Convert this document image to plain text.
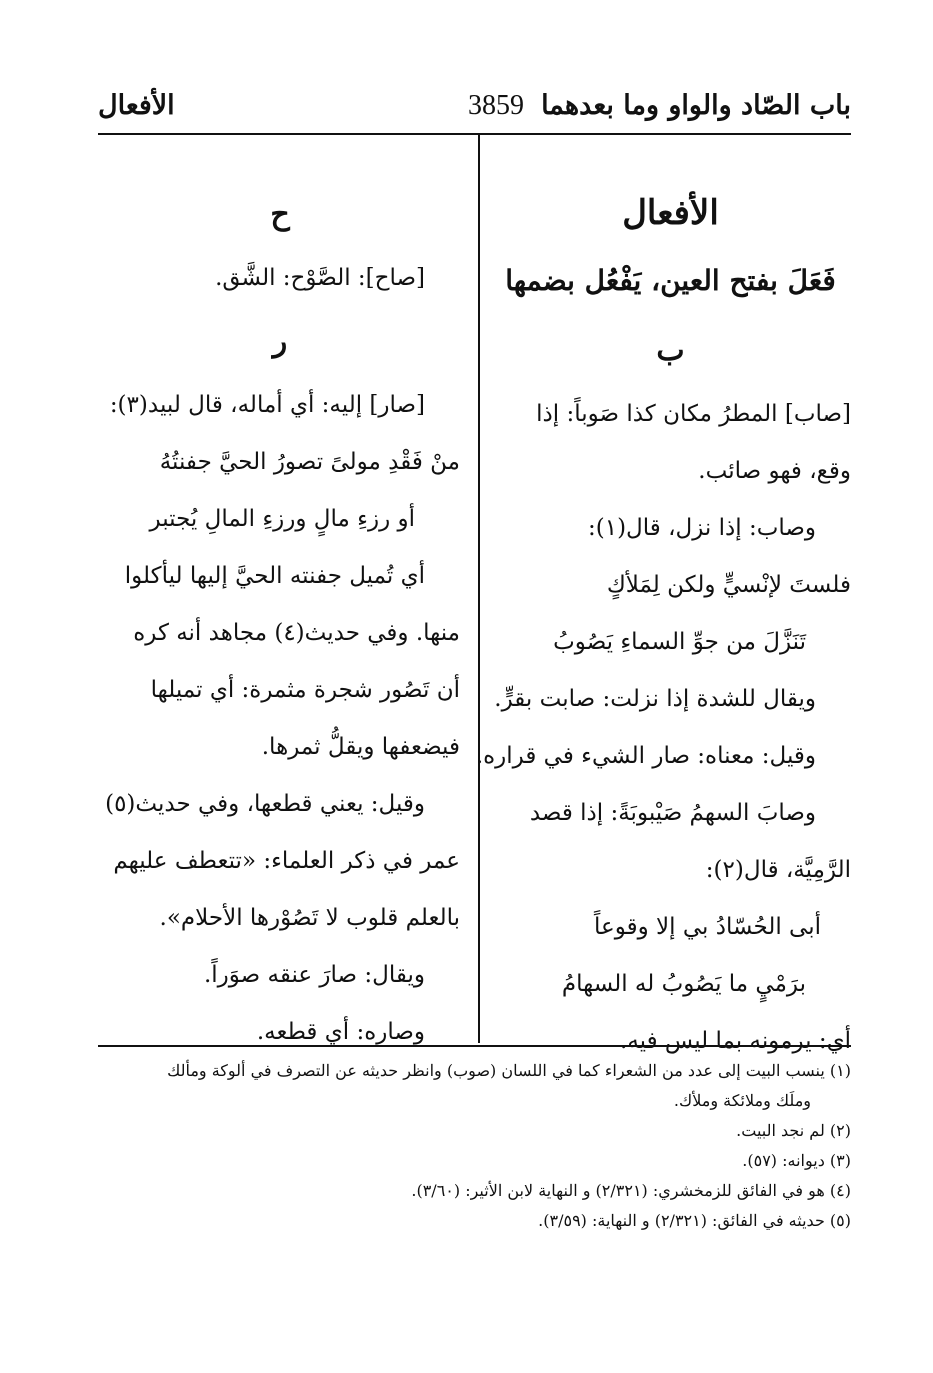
باب الصّاد والواو وما بعدهما
3859
الأفعال
الأفعال
فَعَلَ بفتح العين، يَفْعُل بضمها
ب
[صاب] المطرُ مكان كذا صَوباً: إذا
وقع، فهو صائب.
وصاب: إذا نزل، قال(١):
فلستَ لإنْسيٍّ ولكن لِمَلأكٍ
تَنَزَّلَ من جوِّ السماءِ يَصُوبُ
ويقال للشدة إذا نزلت: صابت بقرٍّ.
وقيل: معناه: صار الشيء في قراره.
وصابَ السهمُ صَيْبوبَةً: إذا قصد
الرَّمِيَّة، قال(٢):
أبى الحُسّادُ بي إلا وقوعاً
برَمْيٍ ما يَصُوبُ له السهامُ
أي: يرمونه بما ليس فيه.
ح
[صاح]: الصَّوْح: الشَّق.
ر
[صار] إليه: أي أماله، قال لبيد(٣):
منْ فَقْدِ مولىً تصورُ الحيَّ جفنتُهُ
أو رزءِ مالٍ ورزءِ المالِ يُجتبر
أي تُميل جفنته الحيَّ إليها ليأكلوا
منها. وفي حديث(٤) مجاهد أنه كره
أن تَصُور شجرة مثمرة: أي تميلها
فيضعفها ويقلُّ ثمرها.
وقيل: يعني قطعها، وفي حديث(٥)
عمر في ذكر العلماء: «تتعطف عليهم
بالعلم قلوب لا تَصُوْرها الأحلام».
ويقال: صارَ عنقه صوَراً.
وصاره: أي قطعه.
(١) ينسب البيت إلى عدد من الشعراء كما في اللسان (صوب) وانظر حديثه عن التصرف في ألوكة ومألك
وملَك وملائكة وملأك.
(٢) لم نجد البيت.
(٣) ديوانه: (٥٧).
(٤) هو في الفائق للزمخشري: (٢/٣٢١) و النهاية لابن الأثير: (٣/٦٠).
(٥) حديثه في الفائق: (٢/٣٢١) و النهاية: (٣/٥٩).
